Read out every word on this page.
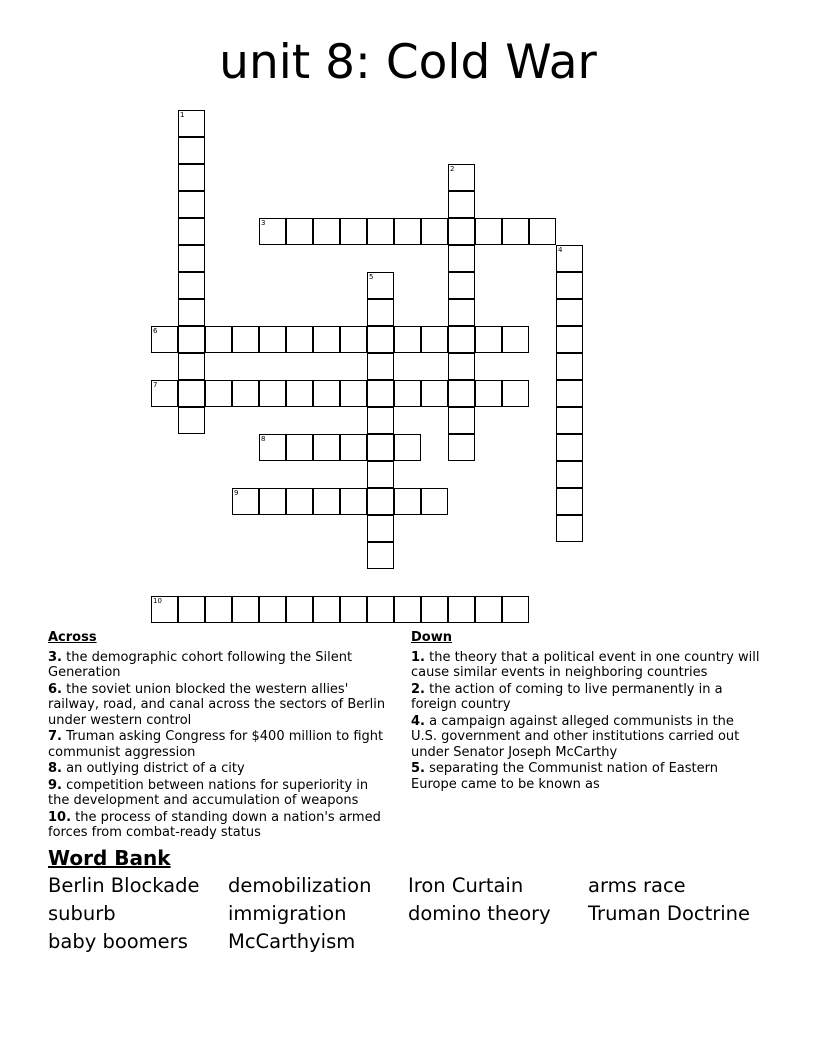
unit 8: Cold War
1
2
3
4
5
6
7
8
9
10
Across
3. the demographic cohort following the Silent Generation
6. the soviet union blocked the western allies' railway, road, and canal across the sectors of Berlin under western control
7. Truman asking Congress for $400 million to fight communist aggression
8. an outlying district of a city
9. competition between nations for superiority in the development and accumulation of weapons
10. the process of standing down a nation's armed forces from combat-ready status
Down
1. the theory that a political event in one country will cause similar events in neighboring countries
2. the action of coming to live permanently in a foreign country
4. a campaign against alleged communists in the U.S. government and other institutions carried out under Senator Joseph McCarthy
5. separating the Communist nation of Eastern Europe came to be known as
Word Bank
Berlin Blockade demobilization Iron Curtain	arms race
suburb	immigration	domino theory Truman Doctrine
baby boomers McCarthyism
